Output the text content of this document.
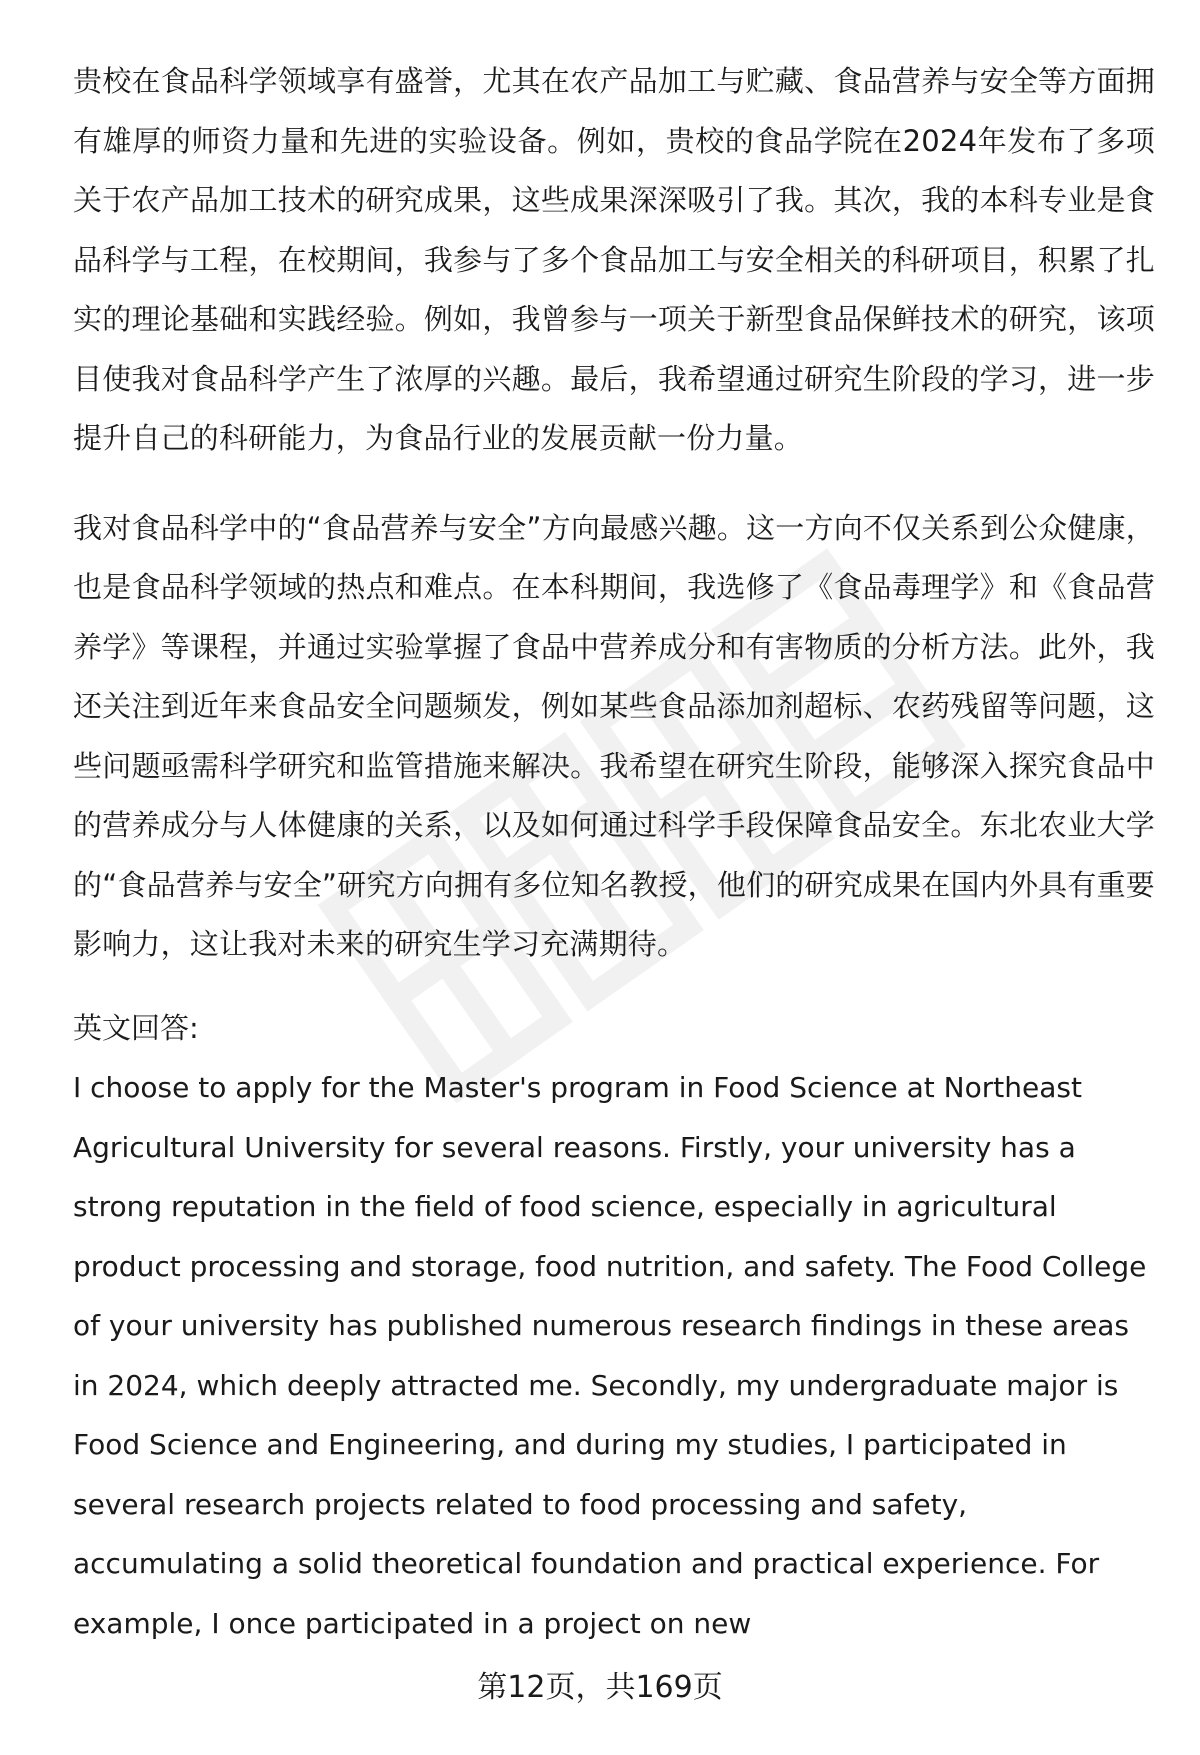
贵校在食品科学领域享有盛誉，尤其在农产品加工与贮藏、食品营养与安全等方面拥有雄厚的师资力量和先进的实验设备。例如，贵校的食品学院在2024年发布了多项关于农产品加工技术的研究成果，这些成果深深吸引了我。其次，我的本科专业是食品科学与工程，在校期间，我参与了多个食品加工与安全相关的科研项目，积累了扎实的理论基础和实践经验。例如，我曾参与一项关于新型食品保鲜技术的研究，该项目使我对食品科学产生了浓厚的兴趣。最后，我希望通过研究生阶段的学习，进一步提升自己的科研能力，为食品行业的发展贡献一份力量。

我对食品科学中的“食品营养与安全”方向最感兴趣。这一方向不仅关系到公众健康，也是食品科学领域的热点和难点。在本科期间，我选修了《食品毒理学》和《食品营养学》等课程，并通过实验掌握了食品中营养成分和有害物质的分析方法。此外，我还关注到近年来食品安全问题频发，例如某些食品添加剂超标、农药残留等问题，这些问题亟需科学研究和监管措施来解决。我希望在研究生阶段，能够深入探究食品中的营养成分与人体健康的关系，以及如何通过科学手段保障食品安全。东北农业大学的“食品营养与安全”研究方向拥有多位知名教授，他们的研究成果在国内外具有重要影响力，这让我对未来的研究生学习充满期待。

英文回答:

I choose to apply for the Master's program in Food Science at Northeast Agricultural University for several reasons. Firstly, your university has a strong reputation in the field of food science, especially in agricultural product processing and storage, food nutrition, and safety. The Food College of your university has published numerous research findings in these areas in 2024, which deeply attracted me. Secondly, my undergraduate major is Food Science and Engineering, and during my studies, I participated in several research projects related to food processing and safety, accumulating a solid theoretical foundation and practical experience. For example, I once participated in a project on new

第12页，共169页
